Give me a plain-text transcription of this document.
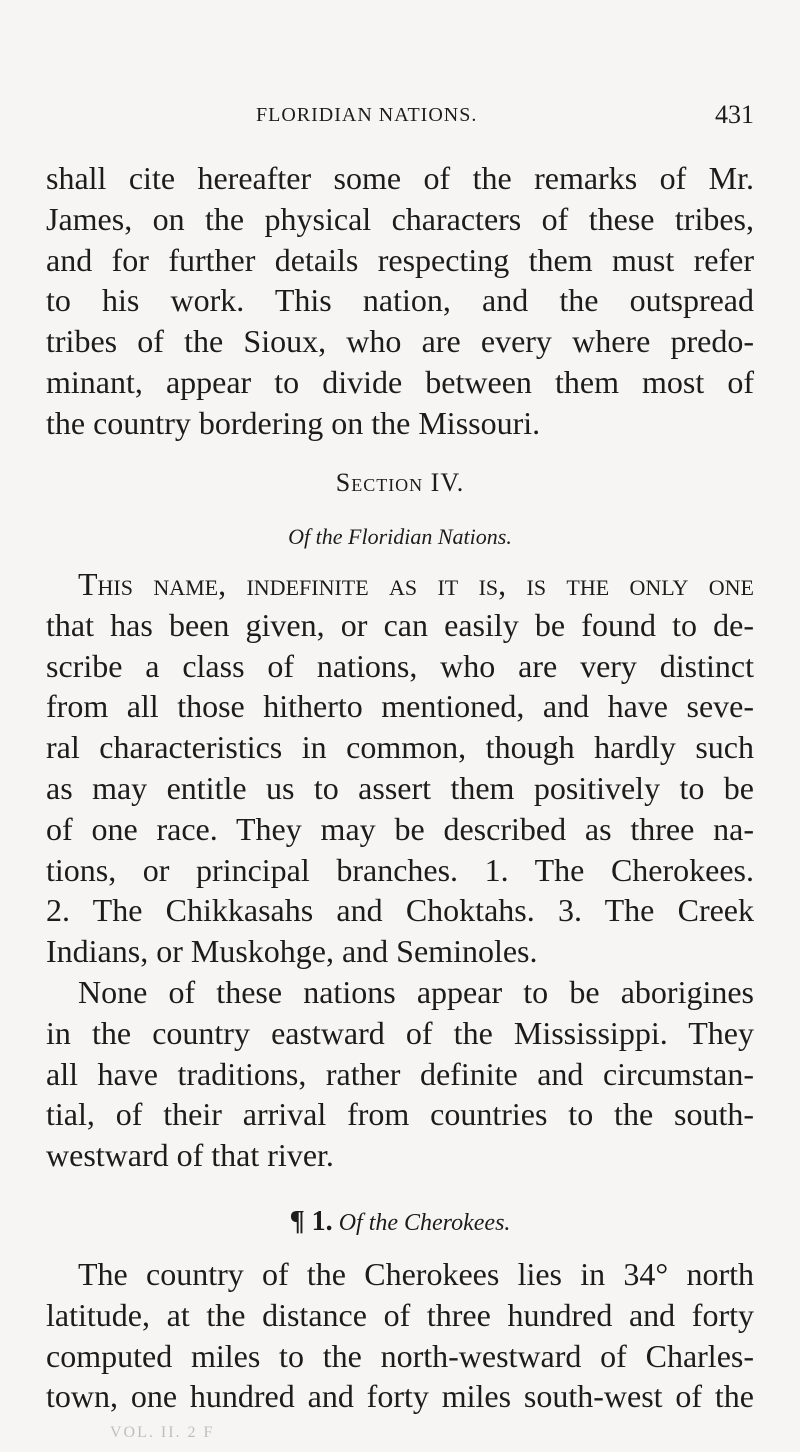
FLORIDIAN NATIONS.	431
shall cite hereafter some of the remarks of Mr.
James, on the physical characters of these tribes,
and for further details respecting them must refer
to his work. This nation, and the outspread
tribes of the Sioux, who are every where predo-
minant, appear to divide between them most of
the country bordering on the Missouri.
Section IV.
Of the Floridian Nations.
This name, indefinite as it is, is the only one
that has been given, or can easily be found to de-
scribe a class of nations, who are very distinct
from all those hitherto mentioned, and have seve-
ral characteristics in common, though hardly such
as may entitle us to assert them positively to be
of one race. They may be described as three na-
tions, or principal branches. 1. The Cherokees.
2. The Chikkasahs and Choktahs. 3. The Creek
Indians, or Muskohge, and Seminoles.
None of these nations appear to be aborigines
in the country eastward of the Mississippi. They
all have traditions, rather definite and circumstan-
tial, of their arrival from countries to the south-
westward of that river.
¶ 1. Of the Cherokees.
The country of the Cherokees lies in 34° north
latitude, at the distance of three hundred and forty
computed miles to the north-westward of Charles-
town, one hundred and forty miles south-west of the
VOL. II. 2 F
